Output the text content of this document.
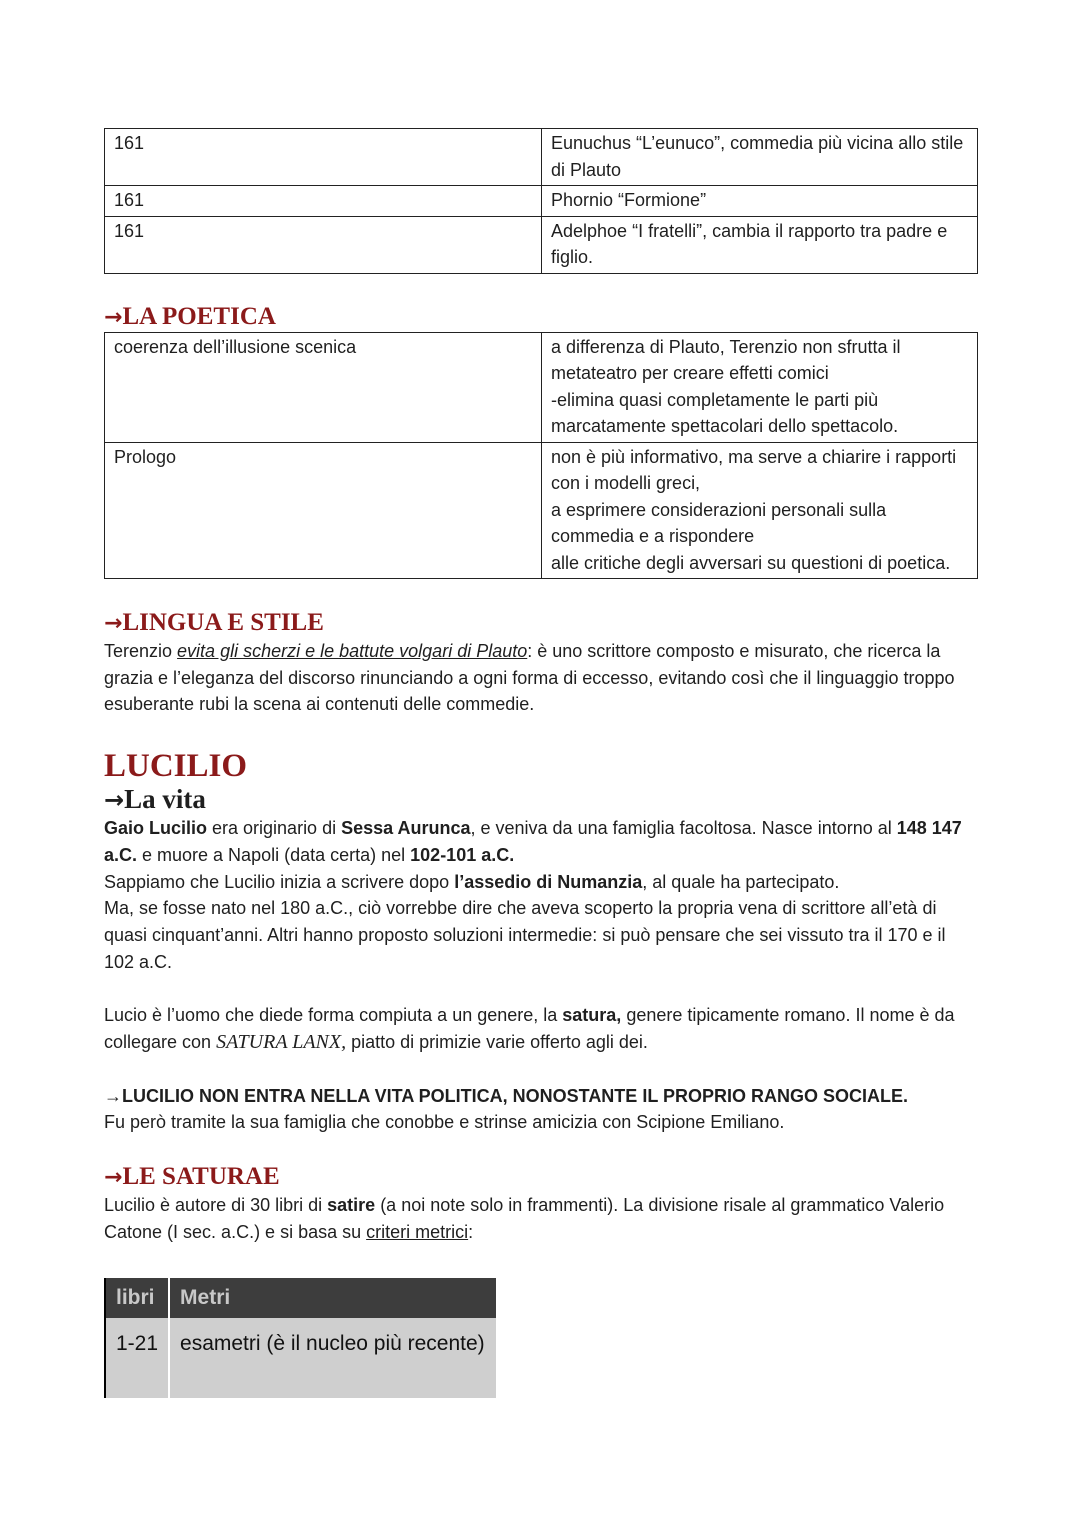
161	Eunuchus “L’eunuco”, commedia più vicina allo stile di Plauto
161	Phornio “Formione”
161	Adelphoe “I fratelli”, cambia il rapporto tra padre e figlio.
→LA POETICA
coerenza dell’illusione scenica	a differenza di Plauto, Terenzio non sfrutta il metateatro per creare effetti comici
-elimina quasi completamente le parti più marcatamente spettacolari dello spettacolo.

Prologo	non è più informativo, ma serve a chiarire i rapporti con i modelli greci,
a esprimere considerazioni personali sulla commedia e a rispondere
alle critiche degli avversari su questioni di poetica.
→LINGUA E STILE

Terenzio evita gli scherzi e le battute volgari di Plauto: è uno scrittore composto e misurato, che ricerca la grazia e l’eleganza del discorso rinunciando a ogni forma di eccesso, evitando così che il linguaggio troppo esuberante rubi la scena ai contenuti delle commedie.

LUCILIO
→La vita

Gaio Lucilio era originario di Sessa Aurunca, e veniva da una famiglia facoltosa. Nasce intorno al 148 147 a.C. e muore a Napoli (data certa) nel 102-101 a.C.

Sappiamo che Lucilio inizia a scrivere dopo l’assedio di Numanzia, al quale ha partecipato.

Ma, se fosse nato nel 180 a.C., ciò vorrebbe dire che aveva scoperto la propria vena di scrittore all’età di quasi cinquant’anni. Altri hanno proposto soluzioni intermedie: si può pensare che sei vissuto tra il 170 e il 102 a.C.

Lucio è l’uomo che diede forma compiuta a un genere, la satura, genere tipicamente romano. Il nome è da collegare con SATURA LANX, piatto di primizie varie offerto agli dei.

→LUCILIO NON ENTRA NELLA VITA POLITICA, NONOSTANTE IL PROPRIO RANGO SOCIALE.

Fu però tramite la sua famiglia che conobbe e strinse amicizia con Scipione Emiliano.

→LE SATURAE

Lucilio è autore di 30 libri di satire (a noi note solo in frammenti). La divisione risale al grammatico Valerio Catone (I sec. a.C.) e si basa su criteri metrici:

libri	Metri
1-21	esametri (è il nucleo più recente)
